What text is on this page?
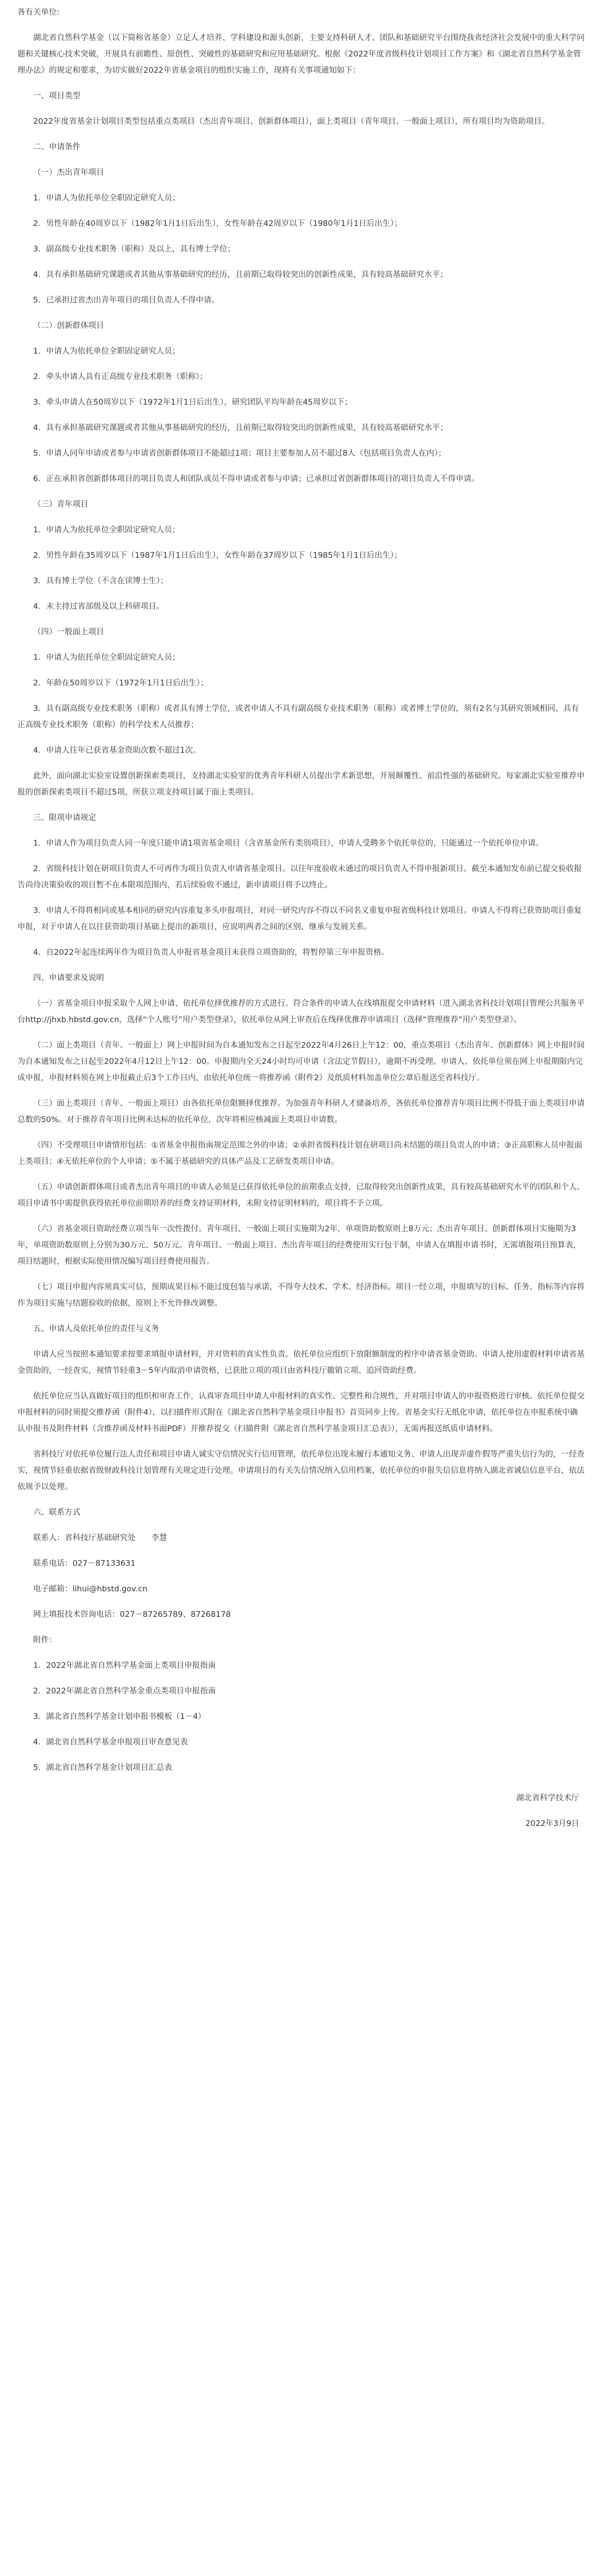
各有关单位:

湖北省自然科学基金（以下简称省基金）立足人才培养、学科建设和源头创新，主要支持科研人才、团队和基础研究平台围绕我省经济社会发展中的重大科学问题和关键核心技术突破，开展具有前瞻性、原创性、突破性的基础研究和应用基础研究。根据《2022年度省级科技计划项目工作方案》和《湖北省自然科学基金管理办法》的规定和要求，为切实做好2022年省基金项目的组织实施工作，现将有关事项通知如下：

一、项目类型

2022年度省基金计划项目类型包括重点类项目（杰出青年项目、创新群体项目），面上类项目（青年项目、一般面上项目），所有项目均为资助项目。

二、申请条件

（一）杰出青年项目

1．申请人为依托单位全职固定研究人员；

2．男性年龄在40周岁以下（1982年1月1日后出生），女性年龄在42周岁以下（1980年1月1日后出生）；

3．副高级专业技术职务（职称）及以上，具有博士学位；

4．具有承担基础研究课题或者其他从事基础研究的经历，且前期已取得较突出的创新性成果，具有较高基础研究水平；

5．已承担过省杰出青年项目的项目负责人不得申请。

（二）创新群体项目

1．申请人为依托单位全职固定研究人员；

2．牵头申请人具有正高级专业技术职务（职称）；

3．牵头申请人在50周岁以下（1972年1月1日后出生），研究团队平均年龄在45周岁以下；

4．具有承担基础研究课题或者其他从事基础研究的经历，且前期已取得较突出的创新性成果，具有较高基础研究水平；

5．申请人同年申请或者参与申请省创新群体项目不能超过1项；项目主要参加人员不超过8人（包括项目负责人在内）；

6．正在承担省创新群体项目的项目负责人和团队成员不得申请或者参与申请；已承担过省创新群体项目的项目负责人不得申请。

（三）青年项目

1．申请人为依托单位全职固定研究人员；

2．男性年龄在35周岁以下（1987年1月1日后出生），女性年龄在37周岁以下（1985年1月1日后出生）；

3．具有博士学位（不含在读博士生）；

4．未主持过省部级及以上科研项目。

（四）一般面上项目

1．申请人为依托单位全职固定研究人员；

2．年龄在50周岁以下（1972年1月1日后出生）；

3．具有副高级专业技术职务（职称）或者具有博士学位，或者申请人不具有副高级专业技术职务（职称）或者博士学位的，须有2名与其研究领域相同、具有正高级专业技术职务（职称）的科学技术人员推荐；

4．申请人往年已获省基金资助次数不超过1次。

此外，面向湖北实验室设置创新探索类项目，支持湖北实验室的优秀青年科研人员提出学术新思想，开展颠覆性、前沿性强的基础研究。每家湖北实验室推荐申报的创新探索类项目不超过5项，所获立项支持项目属于面上类项目。

三、限项申请规定

1．申请人作为项目负责人同一年度只能申请1项省基金项目（含省基金所有类别项目），申请人受聘多个依托单位的，只能通过一个依托单位申请。

2．省级科技计划在研项目负责人不可再作为项目负责人申请省基金项目。以往年度验收未通过的项目负责人不得申报新项目。截至本通知发布前已提交验收报告尚待决策验收的项目暂不在本限项范围内，若后续验收不通过，新申请项目将予以终止。

3．申请人不得将相同或基本相同的研究内容重复多头申报项目，对同一研究内容不得以不同名义重复申报省级科技计划项目。申请人不得将已获资助项目重复申报，对于申请人在以往获资助项目基础上提出的新项目，应说明两者之间的区别、继承与发展关系。

4．自2022年起连续两年作为项目负责人申报省基金项目未获得立项资助的，将暂停第三年申报资格。

四、申请要求及说明

（一）省基金项目申报采取个人网上申请、依托单位择优推荐的方式进行。符合条件的申请人在线填报提交申请材料（进入湖北省科技计划项目管理公共服务平台http://jhxb.hbstd.gov.cn，选择“个人账号”用户类型登录），依托单位从网上审查后在线择优推荐申请项目（选择“管理推荐”用户类型登录）。

（二）面上类项目（青年、一般面上）网上申报时间为自本通知发布之日起至2022年4月26日上午12：00，重点类项目（杰出青年、创新群体）网上申报时间为自本通知发布之日起至2022年4月12日上午12：00。申报期内全天24小时均可申请（含法定节假日），逾期不再受理。申请人、依托单位须在网上申报期限内完成申报，申报材料须在网上申报截止后3个工作日内，由依托单位统一将推荐函（附件2）及纸质材料加盖单位公章后报送至省科技厅。

（三）面上类项目（青年、一般面上项目）由各依托单位限额择优推荐。为加强青年科研人才储备培养，各依托单位推荐青年项目比例不得低于面上类项目申请总数的50%。对于推荐青年项目比例未达标的依托单位，次年将相应核减面上类项目申请数。

（四）不受理项目申请情形包括：①省基金申报指南规定范围之外的申请；②承担省级科技计划在研项目尚未结题的项目负责人的申请；③正高职称人员申报面上类项目；④无依托单位的个人申请；⑤不属于基础研究的具体产品及工艺研发类项目申请。

（五）申请创新群体项目或者杰出青年项目的申请人必须是已获得依托单位的前期重点支持，已取得较突出创新性成果，具有较高基础研究水平的团队和个人。项目申请书中需提供获得依托单位前期培养的经费支持证明材料，未附支持证明材料的，项目将不予立项。

（六）省基金项目资助经费立项当年一次性拨付。青年项目、一般面上项目实施期为2年，单项资助数原则上8万元；杰出青年项目、创新群体项目实施期为3年，单项资助数原则上分别为30万元、50万元。青年项目、一般面上项目、杰出青年项目的经费使用实行包干制，申请人在填报申请书时，无需填报项目预算表，项目结题时，根据实际使用情况编写项目经费使用报告。

（七）项目申报内容须真实可信，预期成果目标不能过度包装与承诺，不得夸大技术、学术、经济指标。项目一经立项，申报填写的目标、任务、指标等内容将作为项目实施与结题验收的依据，原则上不允许修改调整。

五、申请人及依托单位的责任与义务

申请人应当按照本通知要求按要求填报申请材料，并对资料的真实性负责。依托单位应组织下放限额制度的程序申请省基金资助。申请人使用虚假材料申请省基金资助的，一经查实，视情节轻重3－5年内取消申请资格，已获批立项的项目由省科技厅撤销立项、追回资助经费。

依托单位应当认真做好项目的组织和审查工作，认真审查项目申请人申报材料的真实性、完整性和合规性，并对项目申请人的申报资格进行审核。依托单位提交申报材料的同时须提交推荐函（附件4），以扫描件形式附在《湖北省自然科学基金项目申报书》首页同步上传。省基金实行无纸化申请，依托单位在申报系统中确认申报书及附件材料（含推荐函及材料书面PDF）并推荐提交（扫描件附《湖北省自然科学基金项目汇总表》），无需再报送纸质申请材料。

省科技厅对依托单位履行法人责任和项目申请人诚实守信情况实行信用管理，依托单位出现未履行本通知义务、申请人出现弄虚作假等严重失信行为的，一经查实，视情节轻重依据省级财政科技计划管理有关规定进行处理。申请项目的有关失信情况纳入信用档案，依托单位的申报失信信息将纳入湖北省诚信信息平台，依法依规予以处理。

六、联系方式

联系人：省科技厅基础研究处　　李慧

联系电话：027－87133631

电子邮箱：lihui@hbstd.gov.cn

网上填报技术咨询电话：027－87265789、87268178

附件：

1．2022年湖北省自然科学基金面上类项目申报指南

2．2022年湖北省自然科学基金重点类项目申报指南

3．湖北省自然科学基金计划申报书模板（1－4）

4．湖北省自然科学基金申报项目审查意见表

5．湖北省自然科学基金计划项目汇总表

湖北省科学技术厅

2022年3月9日
